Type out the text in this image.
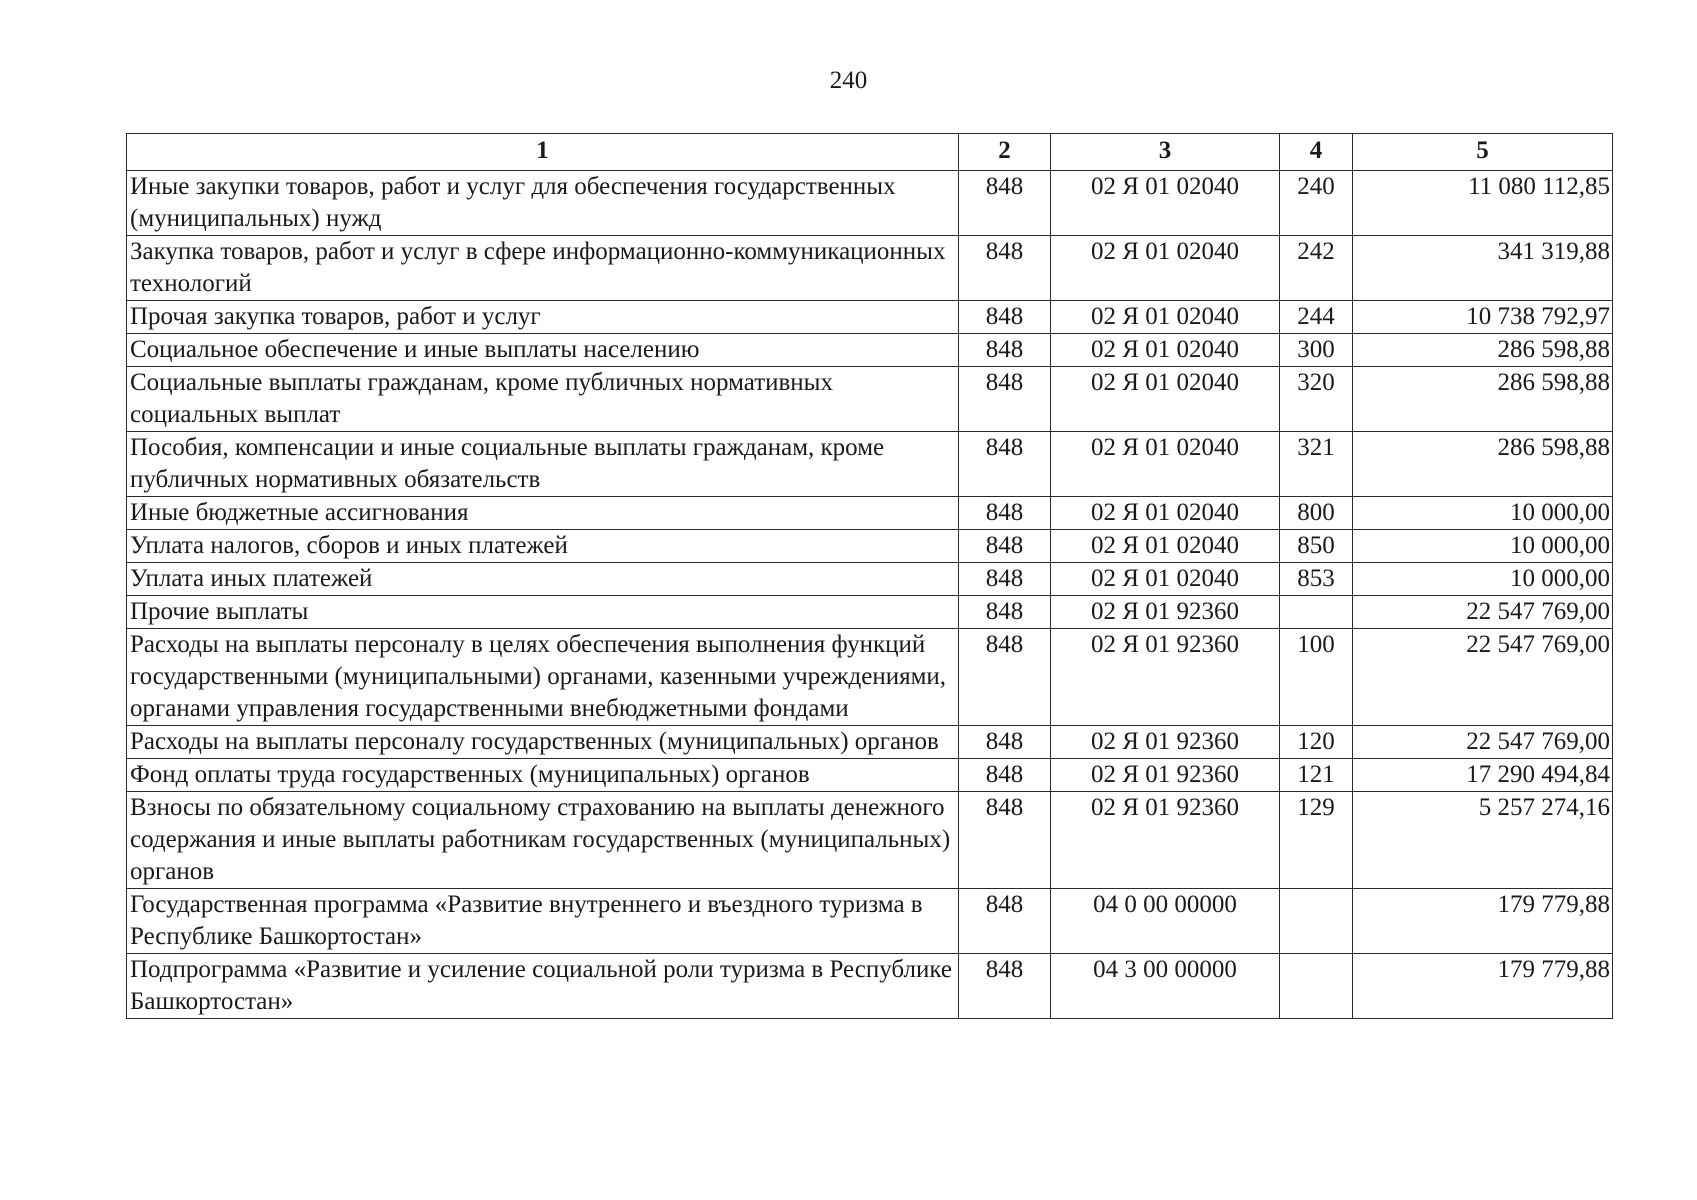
240
1	2	3	4	5
Иные закупки товаров, работ и услуг для обеспечения государственных (муниципальных) нужд	848	02 Я 01 02040	240	11 080 112,85
Закупка товаров, работ и услуг в сфере информационно-коммуникационных технологий	848	02 Я 01 02040	242	341 319,88
Прочая закупка товаров, работ и услуг	848	02 Я 01 02040	244	10 738 792,97
Социальное обеспечение и иные выплаты населению	848	02 Я 01 02040	300	286 598,88
Социальные выплаты гражданам, кроме публичных нормативных социальных выплат	848	02 Я 01 02040	320	286 598,88
Пособия, компенсации и иные социальные выплаты гражданам, кроме публичных нормативных обязательств	848	02 Я 01 02040	321	286 598,88
Иные бюджетные ассигнования	848	02 Я 01 02040	800	10 000,00
Уплата налогов, сборов и иных платежей	848	02 Я 01 02040	850	10 000,00
Уплата иных платежей	848	02 Я 01 02040	853	10 000,00
Прочие выплаты	848	02 Я 01 92360		22 547 769,00
Расходы на выплаты персоналу в целях обеспечения выполнения функций государственными (муниципальными) органами, казенными учреждениями, органами управления государственными внебюджетными фондами	848	02 Я 01 92360	100	22 547 769,00
Расходы на выплаты персоналу государственных (муниципальных) органов	848	02 Я 01 92360	120	22 547 769,00
Фонд оплаты труда государственных (муниципальных) органов	848	02 Я 01 92360	121	17 290 494,84
Взносы по обязательному социальному страхованию на выплаты денежного содержания и иные выплаты работникам государственных (муниципальных) органов	848	02 Я 01 92360	129	5 257 274,16
Государственная программа «Развитие внутреннего и въездного туризма в Республике Башкортостан»	848	04 0 00 00000		179 779,88
Подпрограмма «Развитие и усиление социальной роли туризма в Республике Башкортостан»	848	04 3 00 00000		179 779,88
